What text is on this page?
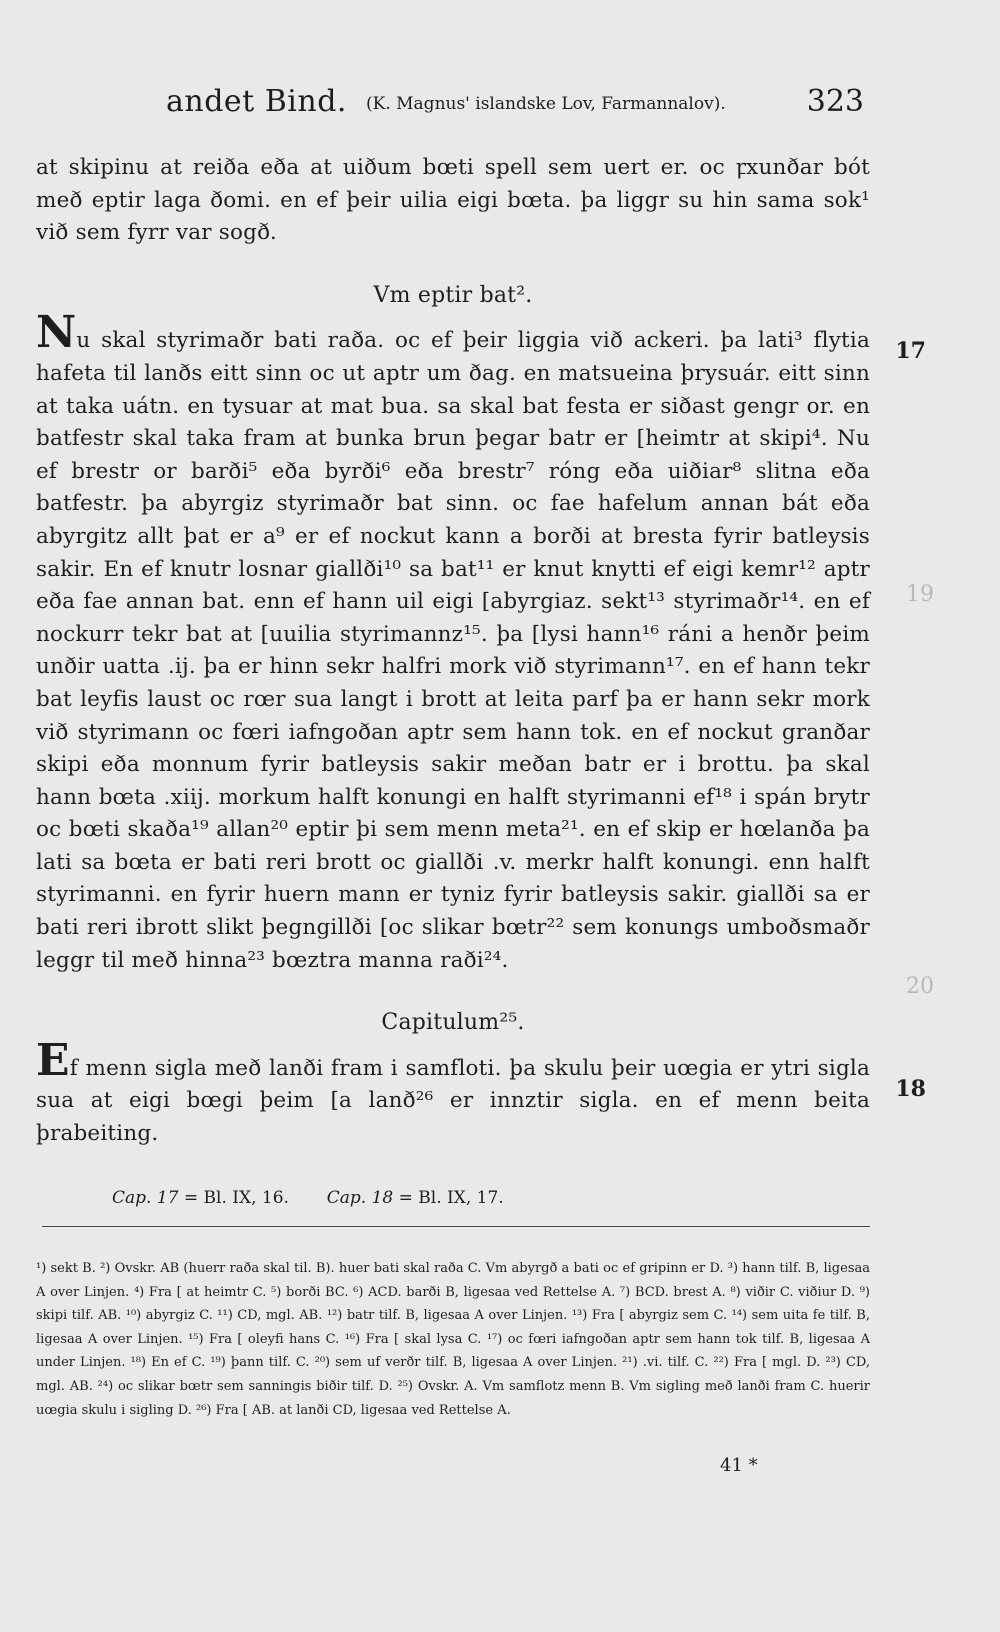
andet Bind. (K. Magnus' islandske Lov, Farmannalov).	323

at skipinu at reiða eða at uiðum bœti spell sem uert er. oc ꝼxunðar bót með eptir laga ðomi. en ef þeir uilia eigi bœta. þa liggr su hin sama sok¹ við sem fyrr var sogð.

Vm eptir bat².

Nu skal styrimaðr bati raða. oc ef þeir liggia við ackeri. þa lati³ flytia hafeta til lanðs eitt sinn oc ut aptr um ðag. en matsueina þrysuár. eitt sinn at taka uátn. en tysuar at mat bua. sa skal bat festa er siðast gengr or. en batfestr skal taka fram at bunka brun þegar batr er [heimtr at skipi⁴. Nu ef brestr or barði⁵ eða byrði⁶ eða brestr⁷ róng eða uiðiar⁸ slitna eða batfestr. þa abyrgiz styrimaðr bat sinn. oc fae hafelum annan bát eða abyrgitz allt þat er a⁹ er ef nockut kann a borði at bresta fyrir batleysis sakir. En ef knutr losnar giallði¹⁰ sa bat¹¹ er knut knytti ef eigi kemr¹² aptr eða fae annan bat. enn ef hann uil eigi [abyrgiaz. sekt¹³ styrimaðr¹⁴. en ef nockurr tekr bat at [uuilia styrimannz¹⁵. þa [lysi hann¹⁶ ráni a henðr þeim unðir uatta .ij. þa er hinn sekr halfri mork við styrimann¹⁷. en ef hann tekr bat leyfis laust oc rœr sua langt i brott at leita parf þa er hann sekr mork við styrimann oc fœri iafngoðan aptr sem hann tok. en ef nockut granðar skipi eða monnum fyrir batleysis sakir meðan batr er i brottu. þa skal hann bœta .xiij. morkum halft konungi en halft styrimanni ef¹⁸ i spán brytr oc bœti skaða¹⁹ allan²⁰ eptir þi sem menn meta²¹. en ef skip er hœlanða þa lati sa bœta er bati reri brott oc giallði .v. merkr halft konungi. enn halft styrimanni. en fyrir huern mann er tyniz fyrir batleysis sakir. giallði sa er bati reri ibrott slikt þegngillði [oc slikar bœtr²² sem konungs umboðsmaðr leggr til með hinna²³ bœztra manna raði²⁴.

Capitulum²⁵.

Ef menn sigla með lanði fram i samfloti. þa skulu þeir uœgia er ytri sigla sua at eigi bœgi þeim [a lanð²⁶ er innztir sigla. en ef menn beita þrabeiting.

17
18
19
20
Cap. 17 = Bl. IX, 16. Cap. 18 = Bl. IX, 17.

¹) sekt B. ²) Ovskr. AB (huerr raða skal til. B). huer bati skal raða C. Vm abyrgð a bati oc ef gripinn er D. ³) hann tilf. B, ligesaa A over Linjen. ⁴) Fra [ at heimtr C. ⁵) borði BC. ⁶) ACD. barði B, ligesaa ved Rettelse A. ⁷) BCD. brest A. ⁸) viðir C. viðiur D. ⁹) skipi tilf. AB. ¹⁰) abyrgiz C. ¹¹) CD, mgl. AB. ¹²) batr tilf. B, ligesaa A over Linjen. ¹³) Fra [ abyrgiz sem C. ¹⁴) sem uita fe tilf. B, ligesaa A over Linjen. ¹⁵) Fra [ oleyfi hans C. ¹⁶) Fra [ skal lysa C. ¹⁷) oc fœri iafngoðan aptr sem hann tok tilf. B, ligesaa A under Linjen. ¹⁸) En ef C. ¹⁹) þann tilf. C. ²⁰) sem uf verðr tilf. B, ligesaa A over Linjen. ²¹) .vi. tilf. C. ²²) Fra [ mgl. D. ²³) CD, mgl. AB. ²⁴) oc slikar bœtr sem sanningis biðir tilf. D. ²⁵) Ovskr. A. Vm samflotz menn B. Vm sigling með lanði fram C. huerir uœgia skulu i sigling D. ²⁶) Fra [ AB. at lanði CD, ligesaa ved Rettelse A.

41 *
